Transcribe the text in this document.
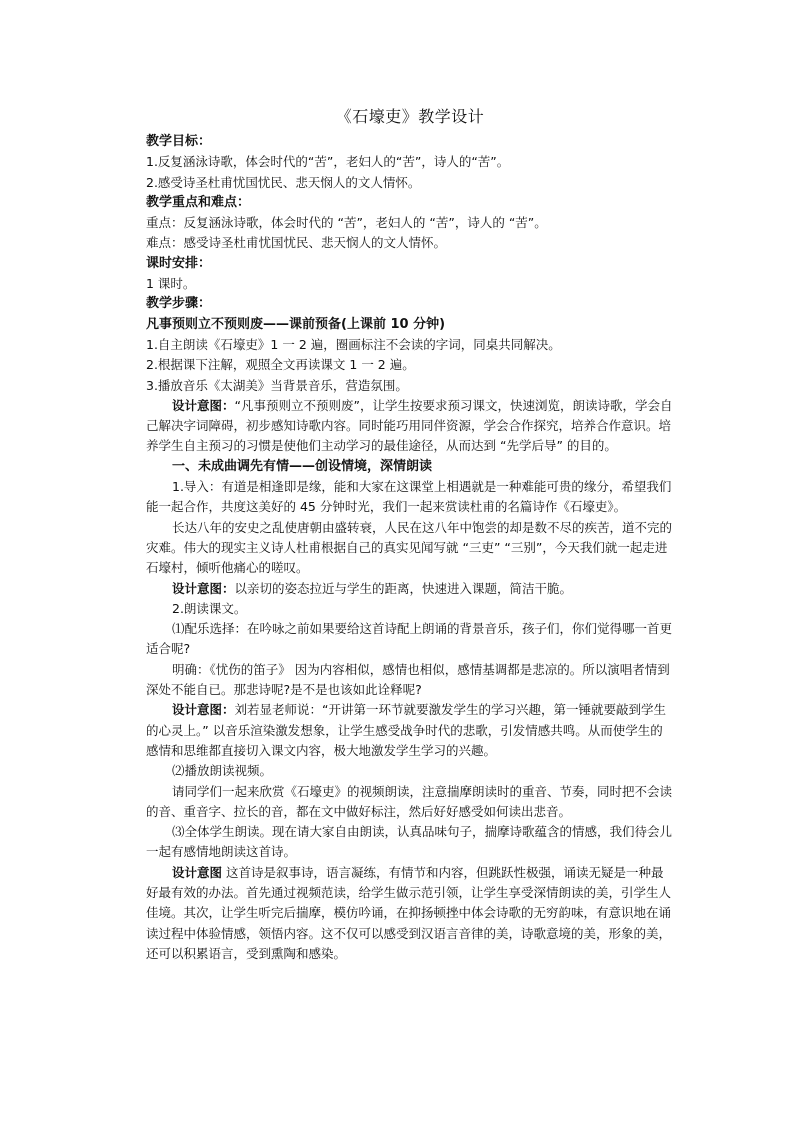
《石壕吏》教学设计

教学目标：

1.反复涵泳诗歌，体会时代的“苦”，老妇人的“苦”，诗人的“苦”。

2.感受诗圣杜甫忧国忧民、悲天悯人的文人情怀。

教学重点和难点：

重点：反复涵泳诗歌，体会时代的 “苦”，老妇人的 “苦”，诗人的 “苦”。

难点：感受诗圣杜甫忧国忧民、悲天悯人的文人情怀。

课时安排：

1 课时。

教学步骤：

凡事预则立不预则废——课前预备(上课前 10 分钟)

1.自主朗读《石壕吏》1 一 2 遍，圈画标注不会读的字词，同桌共同解决。

2.根据课下注解，观照全文再读课文 1 一 2 遍。

3.播放音乐《太湖美》当背景音乐，营造氛围。

设计意图：“凡事预则立不预则废”，让学生按要求预习课文，快速浏览，朗读诗歌，学会自己解决字词障碍，初步感知诗歌内容。同时能巧用同伴资源，学会合作探究，培养合作意识。培养学生自主预习的习惯是使他们主动学习的最佳途径，从而达到 “先学后导” 的目的。

一、未成曲调先有情——创设情境，深情朗读

1.导入：有道是相逢即是缘，能和大家在这课堂上相遇就是一种难能可贵的缘分，希望我们能一起合作，共度这美好的 45 分钟时光，我们一起来赏读杜甫的名篇诗作《石壕吏》。

长达八年的安史之乱使唐朝由盛转衰，人民在这八年中饱尝的却是数不尽的疾苦，道不完的灾难。伟大的现实主义诗人杜甫根据自己的真实见闻写就 “三吏” “三别”，今天我们就一起走进石壕村，倾听他痛心的嗟叹。

设计意图：以亲切的姿态拉近与学生的距离，快速进入课题，简洁干脆。

2.朗读课文。

⑴配乐选择：在吟咏之前如果要给这首诗配上朗诵的背景音乐，孩子们，你们觉得哪一首更适合呢?

明确：《忧伤的笛子》 因为内容相似，感情也相似，感情基调都是悲凉的。所以演唱者情到深处不能自已。那悲诗呢?是不是也该如此诠释呢?

设计意图：刘若显老师说：“开讲第一环节就要激发学生的学习兴趣，第一锤就要敲到学生的心灵上。” 以音乐渲染激发想象，让学生感受战争时代的悲歌，引发情感共鸣。从而使学生的感情和思维都直接切入课文内容，极大地激发学生学习的兴趣。

⑵播放朗读视频。

请同学们一起来欣赏《石壕吏》的视频朗读，注意揣摩朗读时的重音、节奏，同时把不会读的音、重音字、拉长的音，都在文中做好标注，然后好好感受如何读出悲音。

⑶全体学生朗读。现在请大家自由朗读，认真品味句子，揣摩诗歌蕴含的情感，我们待会儿一起有感情地朗读这首诗。

设计意图 这首诗是叙事诗，语言凝练，有情节和内容，但跳跃性极强，诵读无疑是一种最好最有效的办法。首先通过视频范读，给学生做示范引领，让学生享受深情朗读的美，引学生人佳境。其次，让学生听完后揣摩，模仿吟诵，在抑扬顿挫中体会诗歌的无穷韵味，有意识地在诵读过程中体验情感，领悟内容。这不仅可以感受到汉语言音律的美，诗歌意境的美，形象的美，还可以积累语言，受到熏陶和感染。
